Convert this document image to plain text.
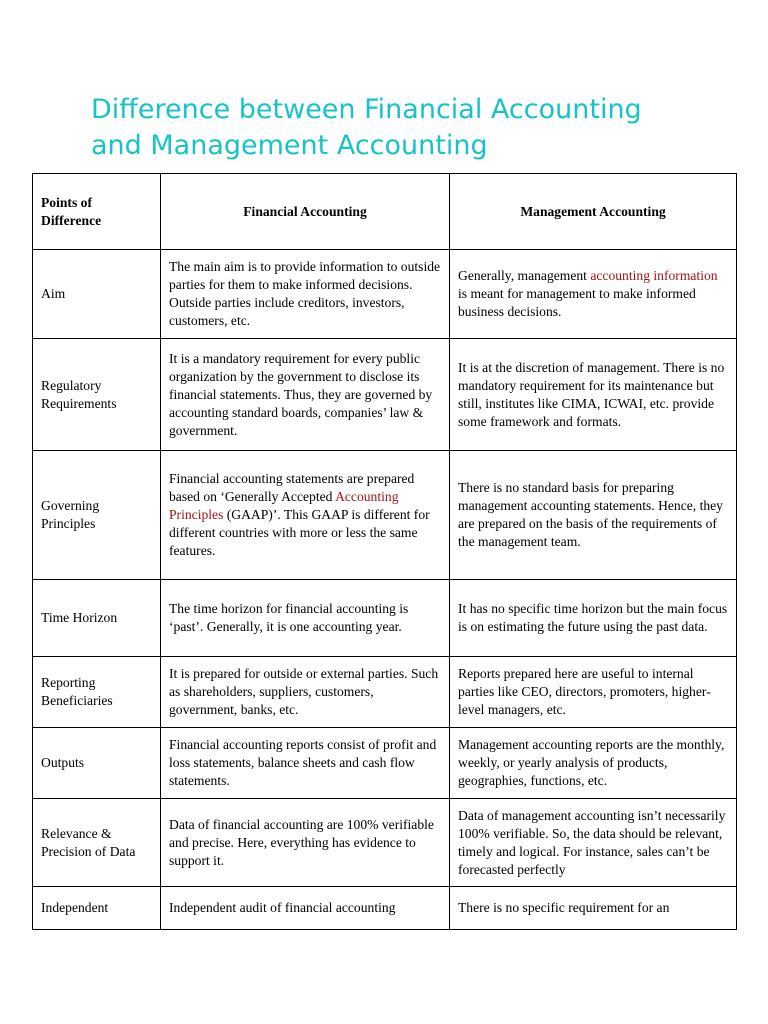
Difference between Financial Accounting
and Management Accounting
Points of Difference	Financial Accounting	Management Accounting
Aim	The main aim is to provide information to outside parties for them to make informed decisions. Outside parties include creditors, investors, customers, etc.	Generally, management accounting information is meant for management to make informed business decisions.
Regulatory Requirements	It is a mandatory requirement for every public organization by the government to disclose its financial statements. Thus, they are governed by accounting standard boards, companies’ law & government.	It is at the discretion of management. There is no mandatory requirement for its maintenance but still, institutes like CIMA, ICWAI, etc. provide some framework and formats.
Governing Principles	Financial accounting statements are prepared based on ‘Generally Accepted Accounting Principles (GAAP)’. This GAAP is different for different countries with more or less the same features.	There is no standard basis for preparing management accounting statements. Hence, they are prepared on the basis of the requirements of the management team.
Time Horizon	The time horizon for financial accounting is ‘past’. Generally, it is one accounting year.	It has no specific time horizon but the main focus is on estimating the future using the past data.
Reporting Beneficiaries	It is prepared for outside or external parties. Such as shareholders, suppliers, customers, government, banks, etc.	Reports prepared here are useful to internal parties like CEO, directors, promoters, higher-level managers, etc.
Outputs	Financial accounting reports consist of profit and loss statements, balance sheets and cash flow statements.	Management accounting reports are the monthly, weekly, or yearly analysis of products, geographies, functions, etc.
Relevance & Precision of Data	Data of financial accounting are 100% verifiable and precise. Here, everything has evidence to support it.	Data of management accounting isn’t necessarily 100% verifiable. So, the data should be relevant, timely and logical. For instance, sales can’t be forecasted perfectly
Independent	Independent audit of financial accounting	There is no specific requirement for an
